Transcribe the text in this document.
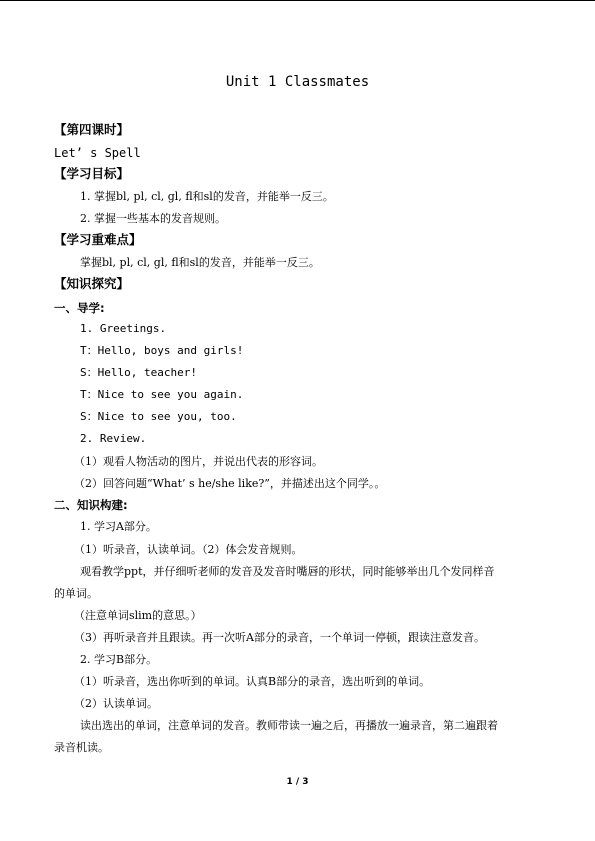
Unit 1 Classmates
【第四课时】
Let’ s Spell
【学习目标】
1. 掌握bl, pl, cl, gl, fl和sl的发音，并能举一反三。
2. 掌握一些基本的发音规则。
【学习重难点】
掌握bl, pl, cl, gl, fl和sl的发音，并能举一反三。
【知识探究】
一、导学:
1. Greetings.
T：Hello, boys and girls!
S：Hello, teacher!
T：Nice to see you again.
S：Nice to see you, too.
2. Review.
（1）观看人物活动的图片，并说出代表的形容词。
（2）回答问题“What’ s he/she like?”，并描述出这个同学。。
二、知识构建:
1. 学习A部分。
（1）听录音，认读单词。（2）体会发音规则。
观看教学ppt，并仔细听老师的发音及发音时嘴唇的形状，同时能够举出几个发同样音
的单词。
（注意单词slim的意思。）
（3）再听录音并且跟读。再一次听A部分的录音，一个单词一停顿，跟读注意发音。
2. 学习B部分。
（1）听录音，选出你听到的单词。认真B部分的录音，选出听到的单词。
（2）认读单词。
读出选出的单词，注意单词的发音。教师带读一遍之后，再播放一遍录音，第二遍跟着
录音机读。
1 / 3
